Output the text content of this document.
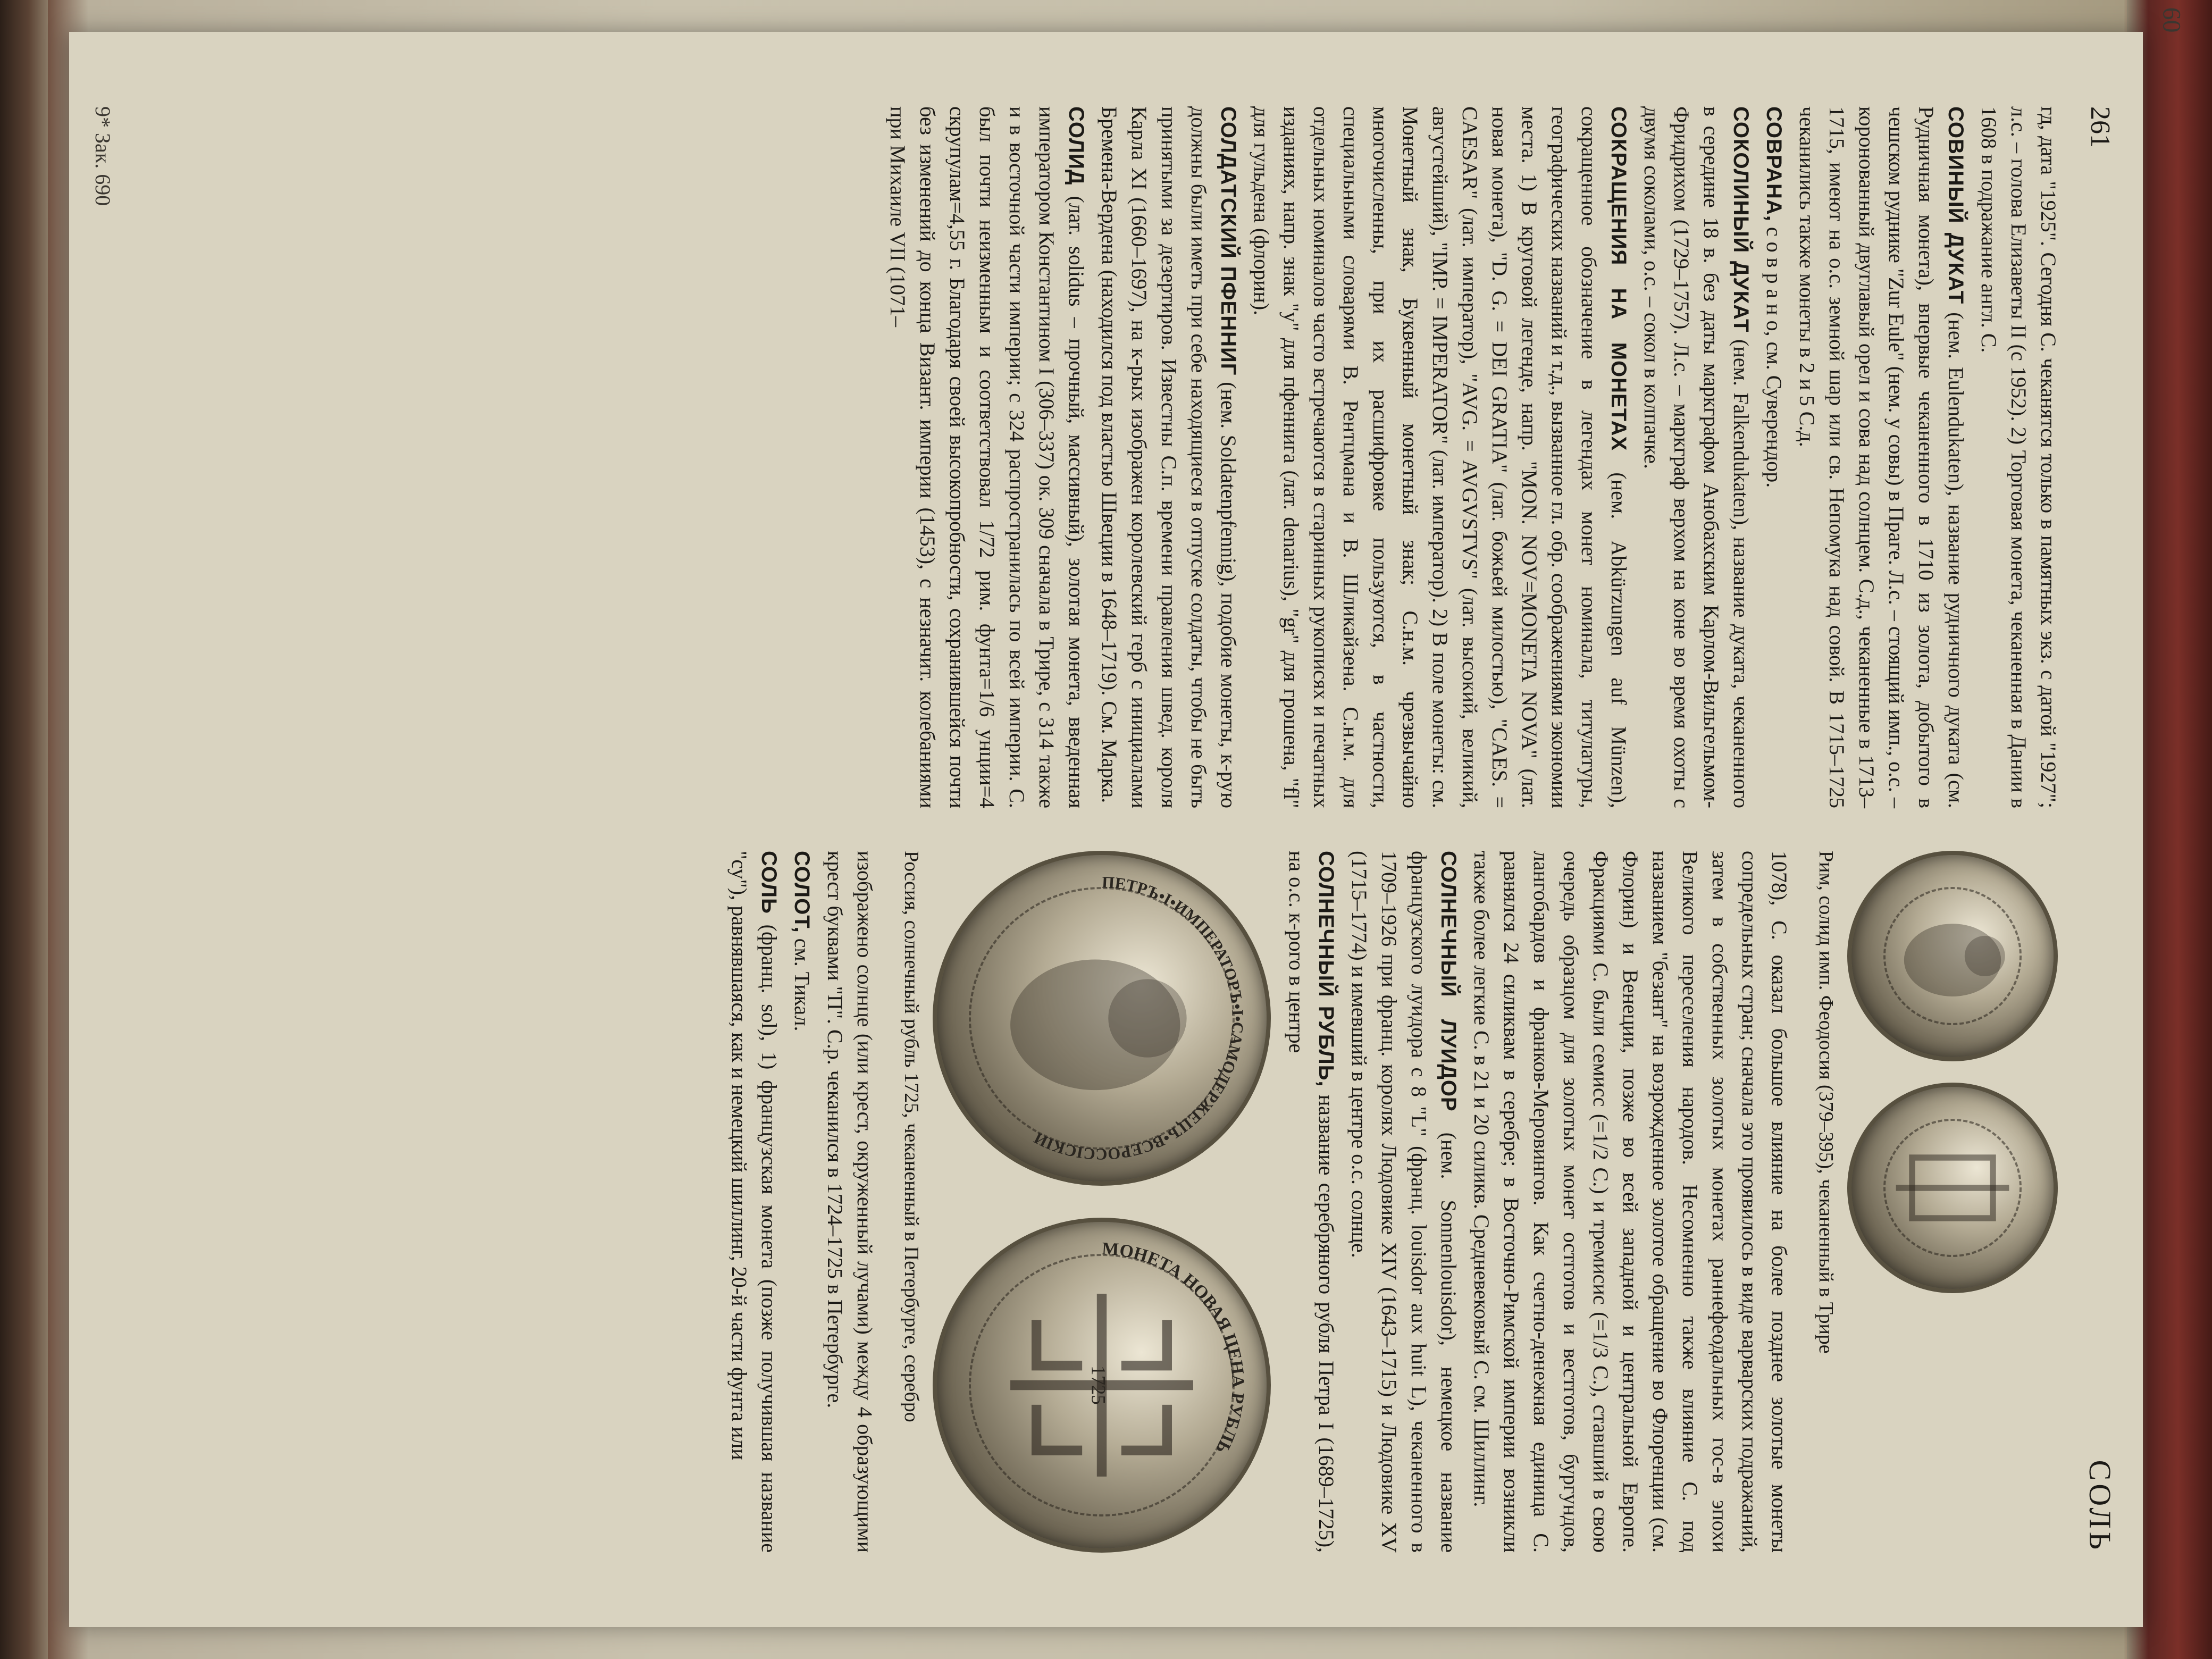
261
СОЛЬ

гд, дата "1925". Сегодня С. чеканятся только в памятных экз. с датой "1927"; л.с. – голова Елизаветы II (с 1952). 2) Торговая монета, чеканенная в Дании в 1608 в подражание англ. С.

СОВИНЫЙ ДУКАТ (нем. Eulendukaten), название рудничного дуката (см. Рудничная монета), впервые чеканенного в 1710 из золота, добытого в чешском руднике "Zur Eule" (нем. у совы) в Праге. Л.с. – стоящий имп., о.с. – коронованный двуглавый орел и сова над солнцем. С.д., чеканенные в 1713–1715, имеют на о.с. земной шар или св. Непомука над совой. В 1715–1725 чеканились также монеты в 2 и 5 С.д.

СОВРАНА, с о в р а н о, см. Суверендор.

СОКОЛИНЫЙ ДУКАТ (нем. Falkendukaten), название дуката, чеканенного в середине 18 в. без даты маркграфом Анобахским Карлом-Вильгельмом-Фридрихом (1729–1757). Л.с. – маркграф верхом на коне во время охоты с двумя соколами, о.с. – сокол в колпачке.

СОКРАЩЕНИЯ НА МОНЕТАХ (нем. Abkürzungen auf Münzen), сокращенное обозначение в легендах монет номинала, титулатуры, географических названий и т.д., вызванное гл. обр. соображениями экономии места. 1) В круговой легенде, напр. "MON. NOV=MONETA NOVA" (лат. новая монета), "D. G. = DEI GRATIA" (лат. божьей милостью), "CAES. = CAESAR" (лат. император), "AVG. = AVGVSTVS" (лат. высокий, великий, августейший), "IMP. = IMPERATOR" (лат. император). 2) В поле монеты: см. Монетный знак, Буквенный монетный знак; С.н.м. чрезвычайно многочисленны, при их расшифровке пользуются, в частности, специальными словарями В. Рентцмана и В. Шликайзена. С.н.м. для отдельных номиналов часто встречаются в старинных рукописях и печатных изданиях, напр. знак "у" для пфеннига (лат. denarius), "gr" для грошена, "fl" для гульдена (флорин).

СОЛДАТСКИЙ ПФЕННИГ (нем. Soldatenpfennig), подобие монеты, к-рую должны были иметь при себе находящиеся в отпуске солдаты, чтобы не быть принятыми за дезертиров. Известны С.п. времени правления швед. короля Карла XI (1660–1697), на к-рых изображен королевский герб с инициалами Бремена-Вердена (находился под властью Швеции в 1648–1719). См. Марка.

СОЛИД (лат. solidus – прочный, массивный), золотая монета, введенная императором Константином I (306–337) ок. 309 сначала в Трире, с 314 также и в восточной части империи; с 324 распространилась по всей империи. С. был почти неизменным и соответствовал 1/72 рим. фунта=1/6 унции=4 скрупулам=4,55 г. Благодаря своей высокопробности, сохранившейся почти без изменений до конца Визант. империи (1453), с незначит. колебаниями при Михаиле VII (1071–

Рим, солид имп. Феодосия (379–395), чеканенный в Трире

1078), С. оказал большое влияние на более позднее золотые монеты сопредельных стран; сначала это проявилось в виде варварских подражаний, затем в собственных золотых монетах раннефеодальных гос-в эпохи Великого переселения народов. Несомненно также влияние С. под названием "безант" на возрожденное золотое обращение во Флоренции (см. Флорин) и Венеции, позже во всей западной и центральной Европе. Фракциями С. были семисс (=1/2 С.) и тремисис (=1/3 С.), ставший в свою очередь образцом для золотых монет остготов и вестготов, бургундов, лангобардов и франков-Меровингов. Как счетно-денежная единица С. равнялся 24 силиквам в серебре; в Восточно-Римской империи возникли также более легкие С. в 21 и 20 силикв. Средневековый С. см. Шиллинг.

СОЛНЕЧНЫЙ ЛУИДОР (нем. Sonnenlouisdor), немецкое название французского луидора с 8 "L" (франц. louisdor aux huit L), чеканенного в 1709–1926 при франц. королях Людовике XIV (1643–1715) и Людовике XV (1715–1774) и имевший в центре о.с. солнце.

СОЛНЕЧНЫЙ РУБЛЬ, название серебряного рубля Петра I (1689–1725), на о.с. к-рого в центре

ПЕТРЪ•I•ИМПЕРАТОРЪ•I•САМОДЕРЖЕЦЪ•ВСЕРОССIСКIИ
МОНЕТА НОВАЯ ЦЕНА РУБЛЬ
1725
Россия, солнечный рубль 1725, чеканенный в Петербурге, серебро

изображено солнце (или крест, окруженный лучами) между 4 образующими крест буквами "П". С.р. чеканился в 1724–1725 в Петербурге.

СОЛОТ, см. Тикал.

СОЛЬ (франц. sol), 1) французская монета (позже получившая название "су"), равнявшаяся, как и немецкий шиллинг, 20-й части фунта или

9* Зак. 690
60
